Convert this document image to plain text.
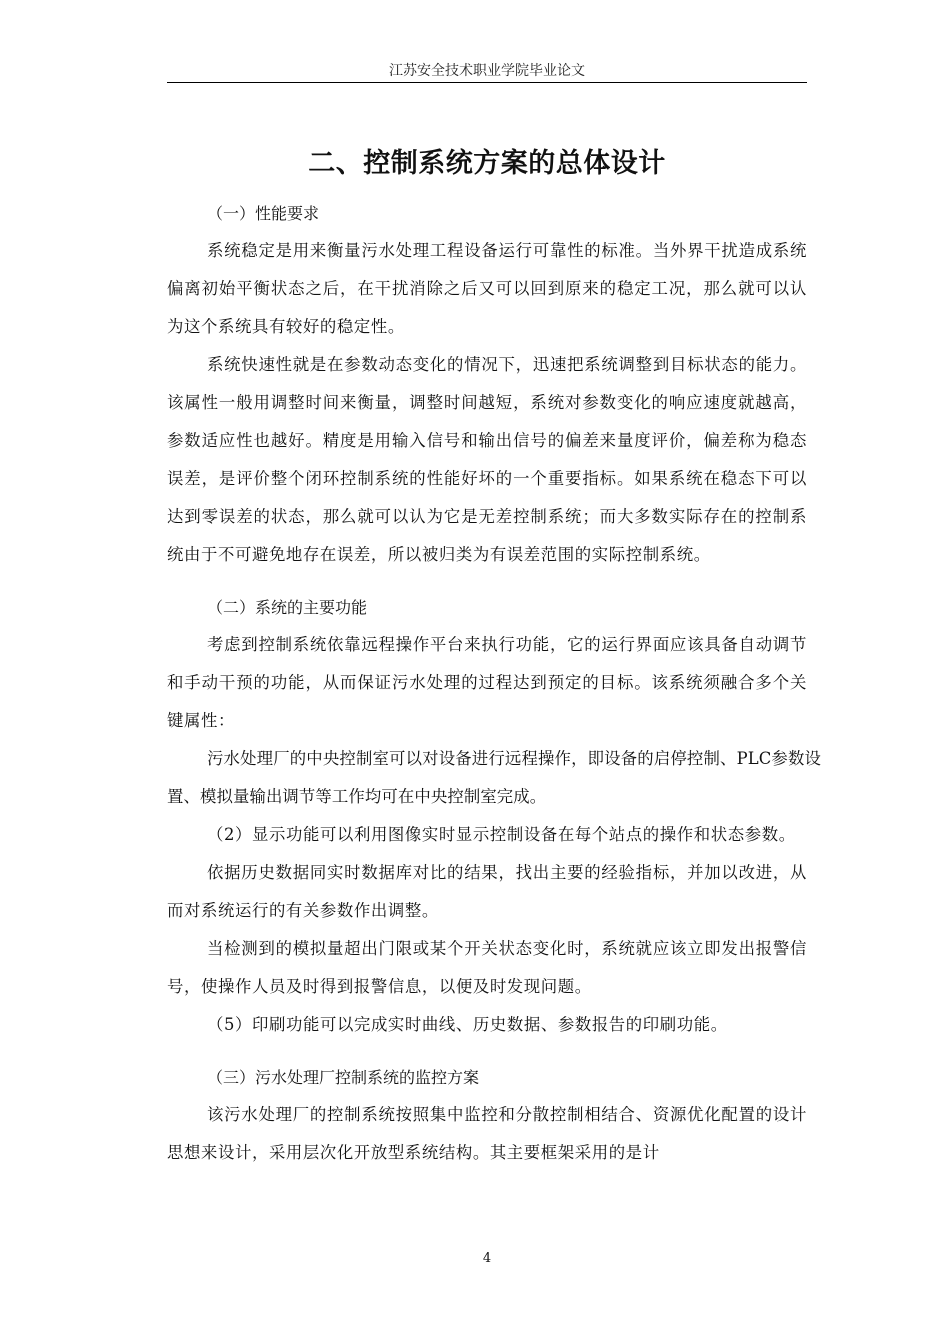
江苏安全技术职业学院毕业论文
二、控制系统方案的总体设计
（一）性能要求

系统稳定是用来衡量污水处理工程设备运行可靠性的标准。当外界干扰造成系统偏离初始平衡状态之后，在干扰消除之后又可以回到原来的稳定工况，那么就可以认为这个系统具有较好的稳定性。

系统快速性就是在参数动态变化的情况下，迅速把系统调整到目标状态的能力。该属性一般用调整时间来衡量，调整时间越短，系统对参数变化的响应速度就越高，参数适应性也越好。精度是用输入信号和输出信号的偏差来量度评价，偏差称为稳态误差，是评价整个闭环控制系统的性能好坏的一个重要指标。如果系统在稳态下可以达到零误差的状态，那么就可以认为它是无差控制系统；而大多数实际存在的控制系统由于不可避免地存在误差，所以被归类为有误差范围的实际控制系统。

（二）系统的主要功能

考虑到控制系统依靠远程操作平台来执行功能，它的运行界面应该具备自动调节和手动干预的功能，从而保证污水处理的过程达到预定的目标。该系统须融合多个关键属性：

污水处理厂的中央控制室可以对设备进行远程操作，即设备的启停控制、PLC参数设置、模拟量输出调节等工作均可在中央控制室完成。

（2）显示功能可以利用图像实时显示控制设备在每个站点的操作和状态参数。

依据历史数据同实时数据库对比的结果，找出主要的经验指标，并加以改进，从而对系统运行的有关参数作出调整。

当检测到的模拟量超出门限或某个开关状态变化时，系统就应该立即发出报警信号，使操作人员及时得到报警信息，以便及时发现问题。

（5）印刷功能可以完成实时曲线、历史数据、参数报告的印刷功能。

（三）污水处理厂控制系统的监控方案

该污水处理厂的控制系统按照集中监控和分散控制相结合、资源优化配置的设计思想来设计，采用层次化开放型系统结构。其主要框架采用的是计

4
